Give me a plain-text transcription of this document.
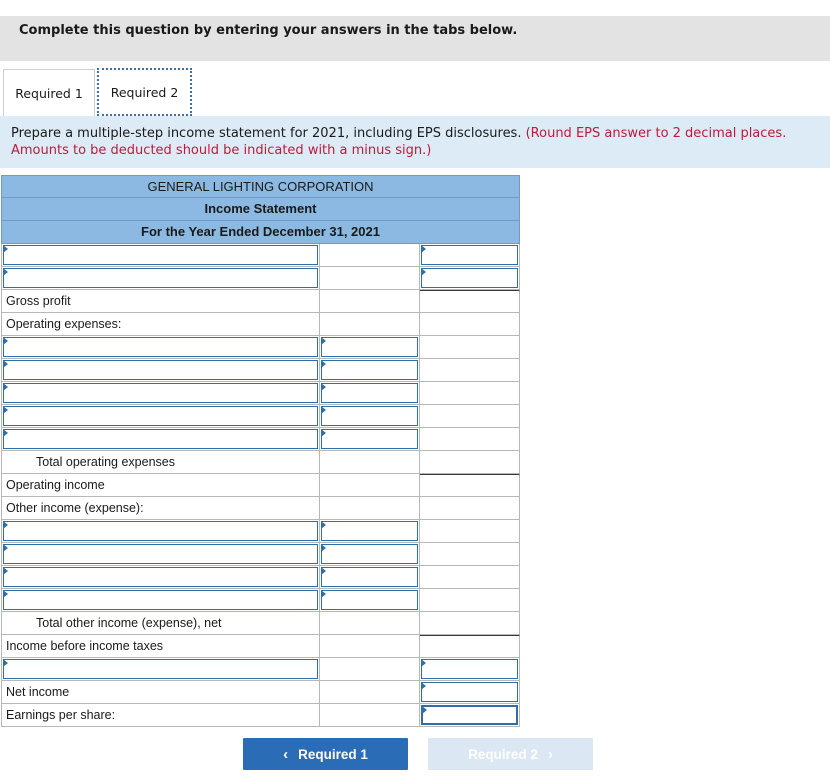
Complete this question by entering your answers in the tabs below.
Required 1 Required 2
Prepare a multiple-step income statement for 2021, including EPS disclosures. (Round EPS answer to 2 decimal places. Amounts to be deducted should be indicated with a minus sign.)
GENERAL LIGHTING CORPORATION
Income Statement
For the Year Ended December 31, 2021
Gross profit
Operating expenses:
Total operating expenses
Operating income
Other income (expense):
Total other income (expense), net
Income before income taxes
Net income
Earnings per share:
‹ Required 1	Required 2 ›
